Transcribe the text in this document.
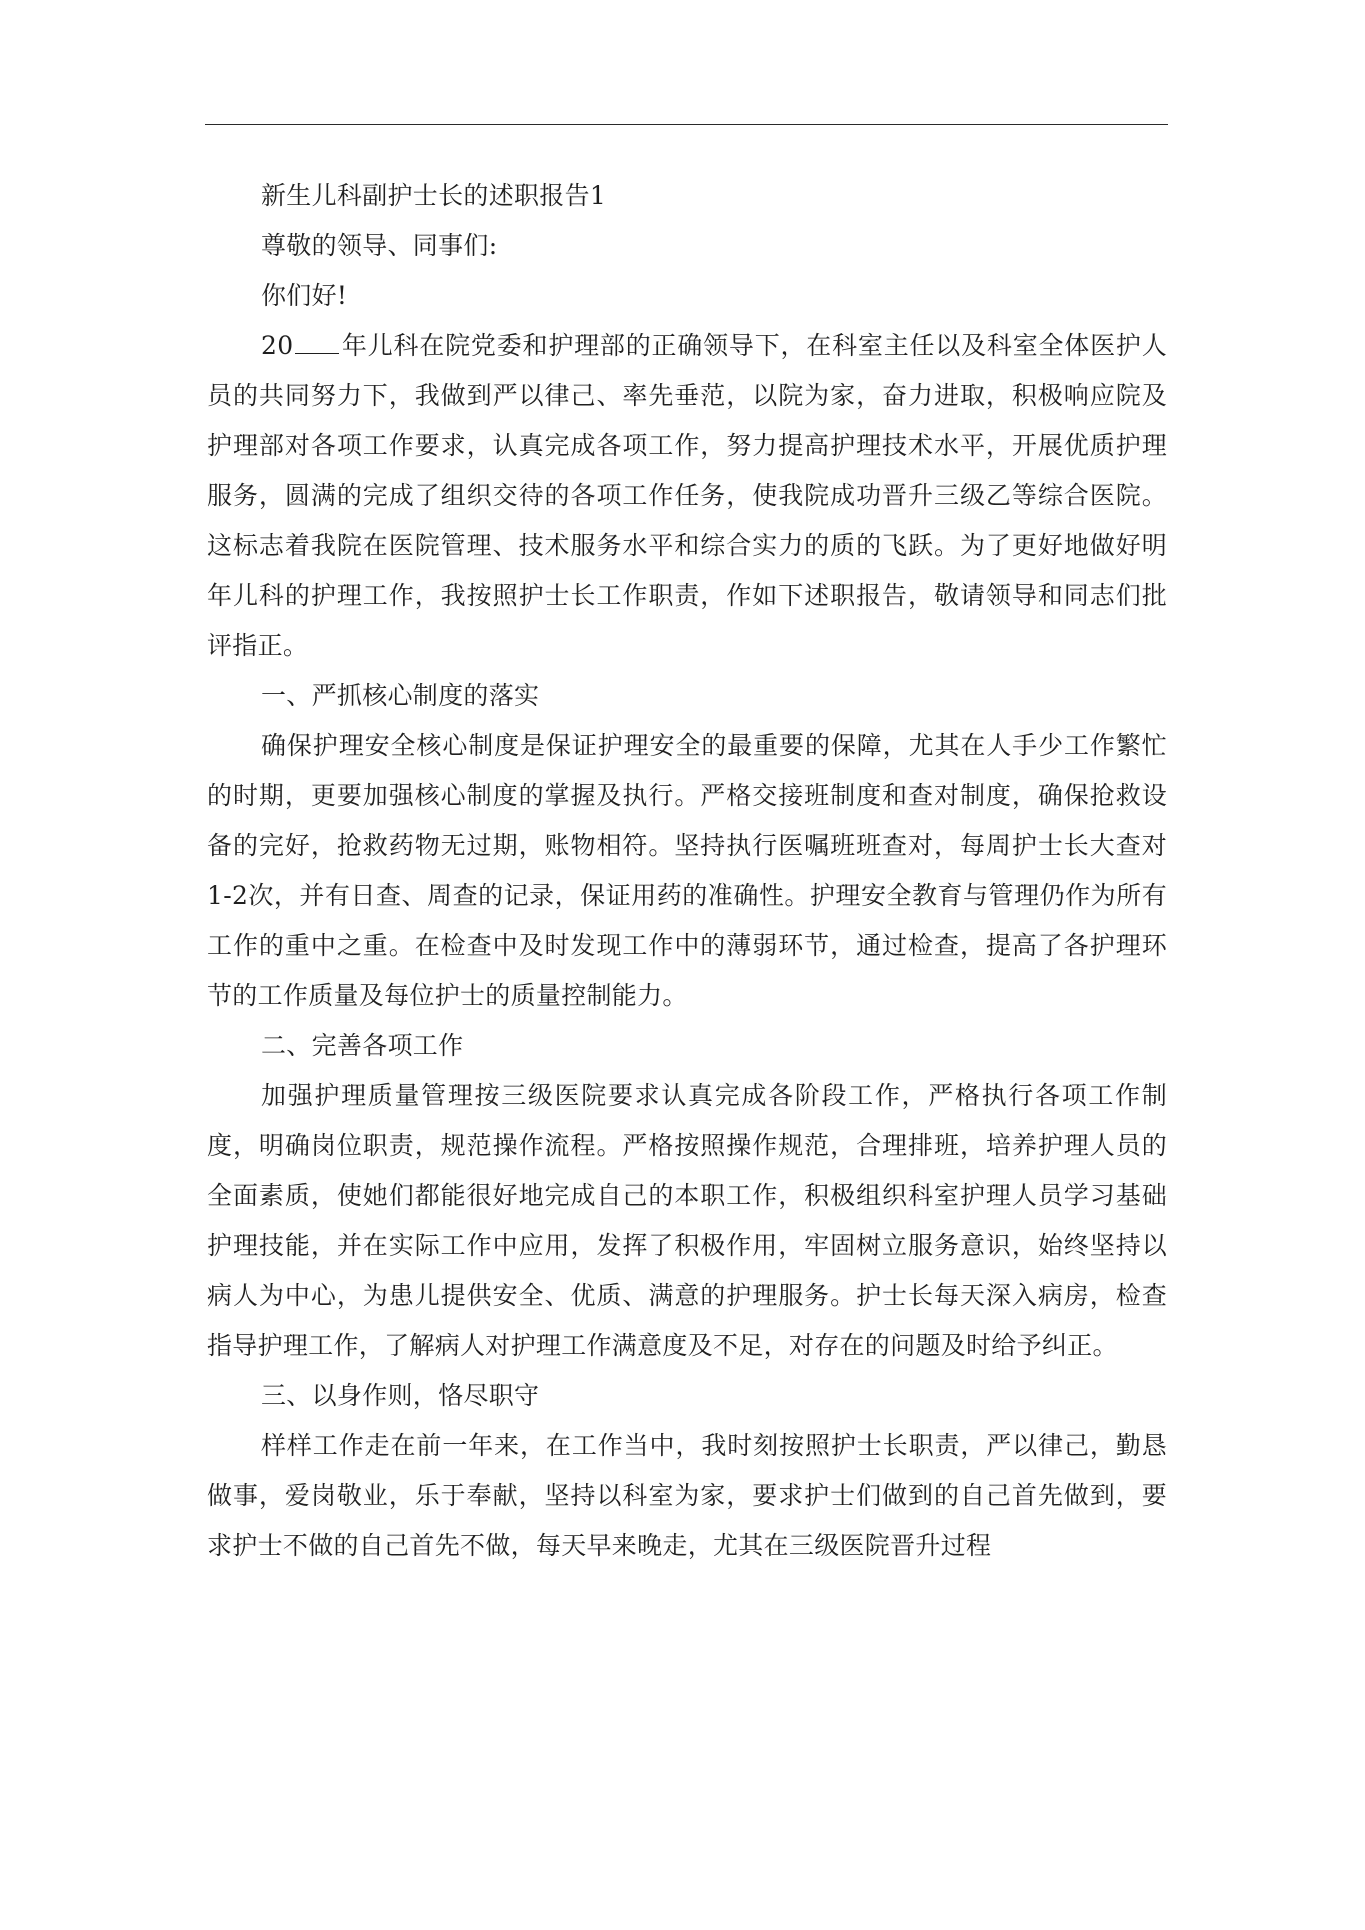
新生儿科副护士长的述职报告1

尊敬的领导、同事们:

你们好!

20 年儿科在院党委和护理部的正确领导下，在科室主任以及科室全体医护人员的共同努力下，我做到严以律己、率先垂范，以院为家，奋力进取，积极响应院及护理部对各项工作要求，认真完成各项工作，努力提高护理技术水平，开展优质护理服务，圆满的完成了组织交待的各项工作任务，使我院成功晋升三级乙等综合医院。这标志着我院在医院管理、技术服务水平和综合实力的质的飞跃。为了更好地做好明年儿科的护理工作，我按照护士长工作职责，作如下述职报告，敬请领导和同志们批评指正。

一、严抓核心制度的落实

确保护理安全核心制度是保证护理安全的最重要的保障，尤其在人手少工作繁忙的时期，更要加强核心制度的掌握及执行。严格交接班制度和查对制度，确保抢救设备的完好，抢救药物无过期，账物相符。坚持执行医嘱班班查对，每周护士长大查对1-2次，并有日查、周查的记录，保证用药的准确性。护理安全教育与管理仍作为所有工作的重中之重。在检查中及时发现工作中的薄弱环节，通过检查，提高了各护理环节的工作质量及每位护士的质量控制能力。

二、完善各项工作

加强护理质量管理按三级医院要求认真完成各阶段工作，严格执行各项工作制度，明确岗位职责，规范操作流程。严格按照操作规范，合理排班，培养护理人员的全面素质，使她们都能很好地完成自己的本职工作，积极组织科室护理人员学习基础护理技能，并在实际工作中应用，发挥了积极作用，牢固树立服务意识，始终坚持以病人为中心，为患儿提供安全、优质、满意的护理服务。护士长每天深入病房，检查指导护理工作，了解病人对护理工作满意度及不足，对存在的问题及时给予纠正。

三、以身作则，恪尽职守

样样工作走在前一年来，在工作当中，我时刻按照护士长职责，严以律己，勤恳做事，爱岗敬业，乐于奉献，坚持以科室为家，要求护士们做到的自己首先做到，要求护士不做的自己首先不做，每天早来晚走，尤其在三级医院晋升过程
